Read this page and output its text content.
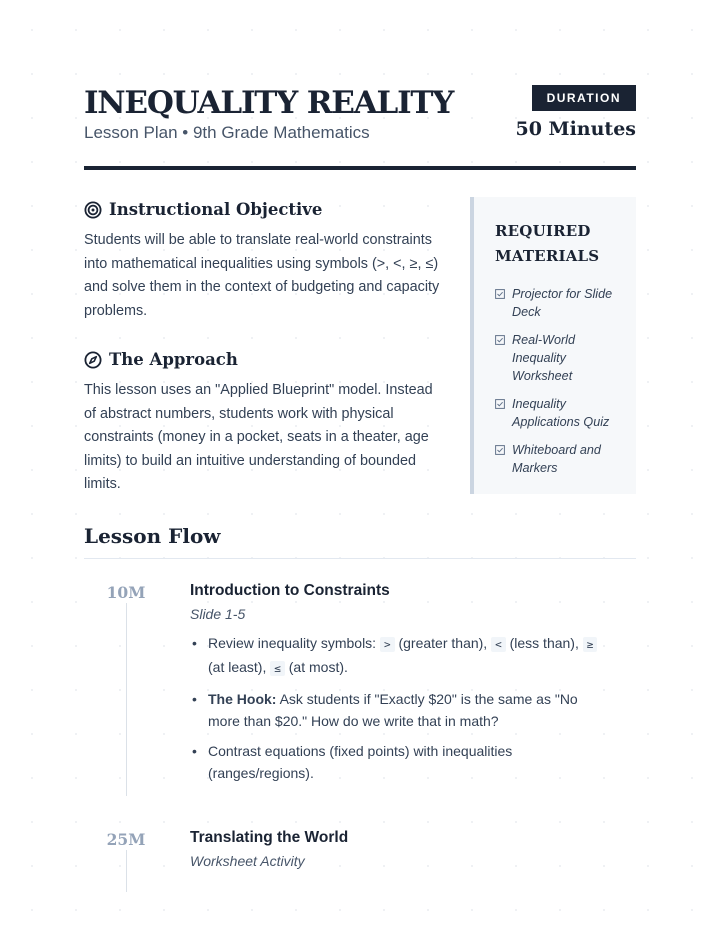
INEQUALITY REALITY
Lesson Plan • 9th Grade Mathematics
DURATION
50 Minutes
Instructional Objective
Students will be able to translate real-world constraints into mathematical inequalities using symbols (>, <, ≥, ≤) and solve them in the context of budgeting and capacity problems.
The Approach
This lesson uses an "Applied Blueprint" model. Instead of abstract numbers, students work with physical constraints (money in a pocket, seats in a theater, age limits) to build an intuitive understanding of bounded limits.
REQUIRED MATERIALS
Projector for Slide Deck
Real-World Inequality Worksheet
Inequality Applications Quiz
Whiteboard and Markers
Lesson Flow
10M	Introduction to Constraints
Slide 1-5
• Review inequality symbols: > (greater than), < (less than), ≥ (at least), ≤ (at most).
• The Hook: Ask students if "Exactly $20" is the same as "No more than $20." How do we write that in math?
• Contrast equations (fixed points) with inequalities (ranges/regions).
25M	Translating the World
Worksheet Activity
